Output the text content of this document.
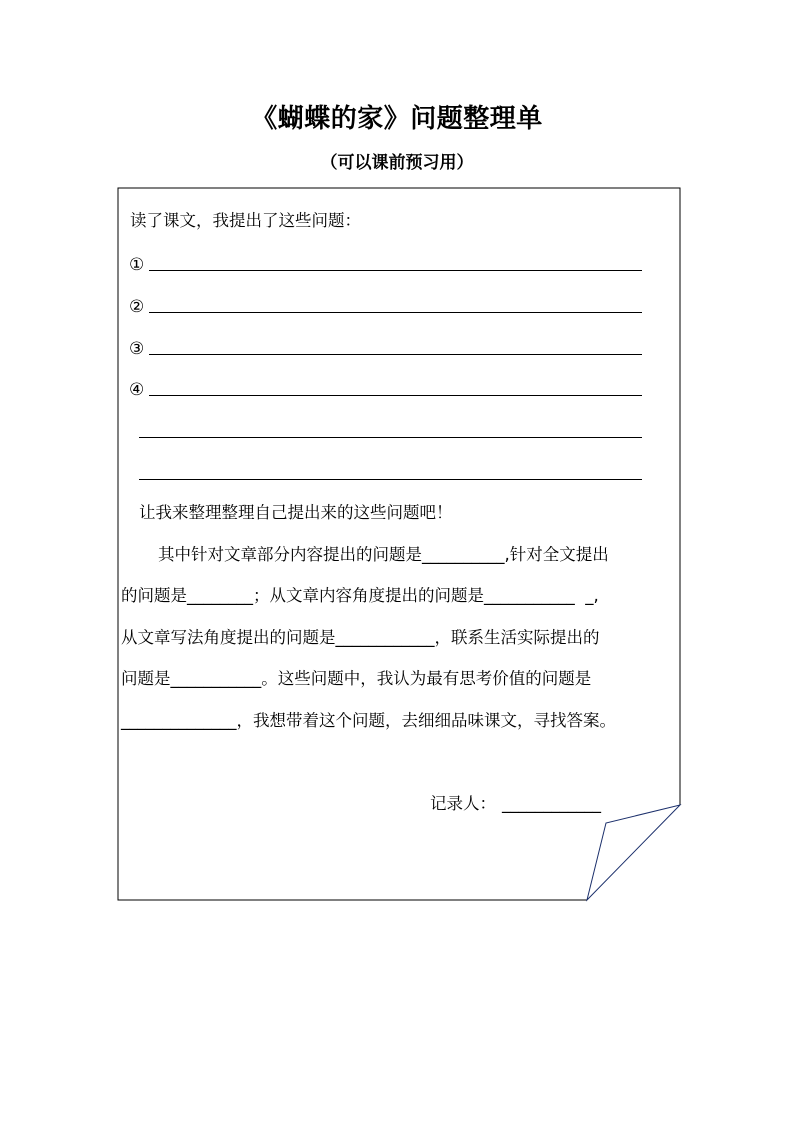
《蝴蝶的家》问题整理单
（可以课前预习用）
读了课文，我提出了这些问题：
①
②
③
④
让我来整理整理自己提出来的这些问题吧！
其中针对文章部分内容提出的问题是__________,针对全文提出
的问题是________；从文章内容角度提出的问题是___________  _,
从文章写法角度提出的问题是____________，联系生活实际提出的
问题是___________。这些问题中，我认为最有思考价值的问题是
______________，我想带着这个问题，去细细品味课文，寻找答案。
记录人： ____________
